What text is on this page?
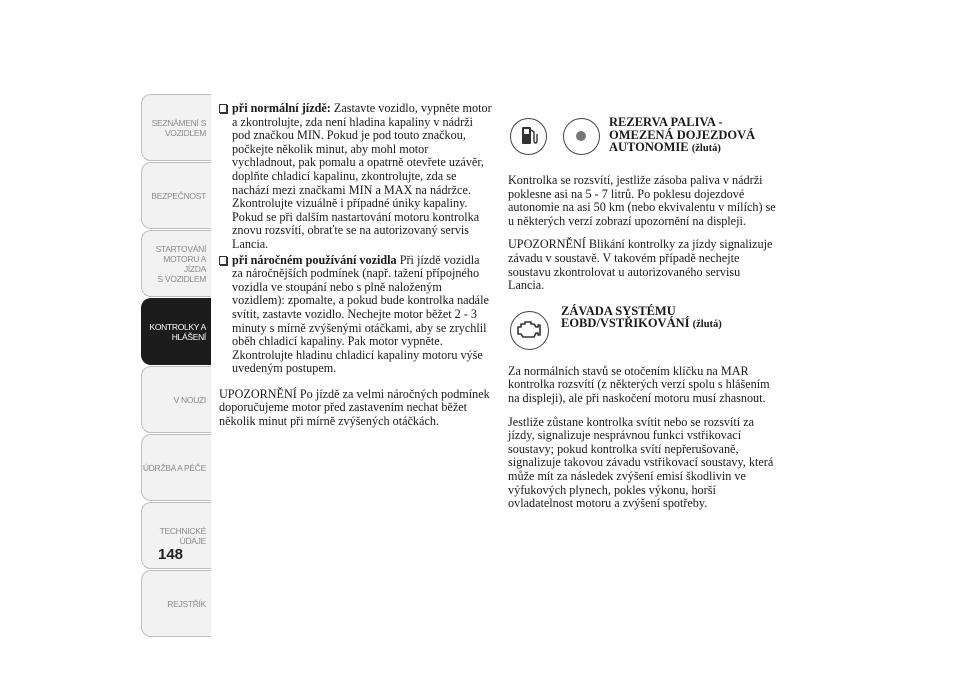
SEZNÁMENÍ S
VOZIDLEM
BEZPEČNOST
STARTOVÁNÍ
MOTORU A JÍZDA
S VOZIDLEM
KONTROLKY A
HLÁŠENÍ
V NOUZI
ÚDRŽBA A PÉČE
TECHNICKÉ
ÚDAJE
REJSTŘÍK
148

při normální jízdě: Zastavte vozidlo, vypněte motor a zkontrolujte, zda není hladina kapaliny v nádrži pod značkou MIN. Pokud je pod touto značkou, počkejte několik minut, aby mohl motor vychladnout, pak pomalu a opatrně otevřete uzávěr, doplňte chladicí kapalinu, zkontrolujte, zda se nachází mezi značkami MIN a MAX na nádržce. Zkontrolujte vizuálně i případné úniky kapaliny. Pokud se při dalším nastartování motoru kontrolka znovu rozsvítí, obraťte se na autorizovaný servis Lancia.

při náročném používání vozidla Při jízdě vozidla za náročnějších podmínek (např. tažení přípojného vozidla ve stoupání nebo s plně naloženým vozidlem): zpomalte, a pokud bude kontrolka nadále svítit, zastavte vozidlo. Nechejte motor běžet 2 - 3 minuty s mírně zvýšenými otáčkami, aby se zrychlil oběh chladicí kapaliny. Pak motor vypněte. Zkontrolujte hladinu chladicí kapaliny motoru výše uvedeným postupem.

UPOZORNĚNÍ Po jízdě za velmi náročných podmínek doporučujeme motor před zastavením nechat běžet několik minut při mírně zvýšených otáčkách.

REZERVA PALIVA - OMEZENÁ DOJEZDOVÁ AUTONOMIE (žlutá)

Kontrolka se rozsvítí, jestliže zásoba paliva v nádrži poklesne asi na 5 - 7 litrů. Po poklesu dojezdové autonomie na asi 50 km (nebo ekvivalentu v mílích) se u některých verzí zobrazí upozornění na displeji.

UPOZORNĚNÍ Blikání kontrolky za jízdy signalizuje závadu v soustavě. V takovém případě nechejte soustavu zkontrolovat u autorizovaného servisu Lancia.

ZÁVADA SYSTÉMU
EOBD/VSTŘIKOVÁNÍ (žlutá)

Za normálních stavů se otočením klíčku na MAR kontrolka rozsvítí (z některých verzí spolu s hlášením na displeji), ale při naskočení motoru musí zhasnout.

Jestliže zůstane kontrolka svítit nebo se rozsvítí za jízdy, signalizuje nesprávnou funkci vstřikovací soustavy; pokud kontrolka svítí nepřerušovaně, signalizuje takovou závadu vstřikovací soustavy, která může mít za následek zvýšení emisí škodlivin ve výfukových plynech, pokles výkonu, horší ovladatelnost motoru a zvýšení spotřeby.
